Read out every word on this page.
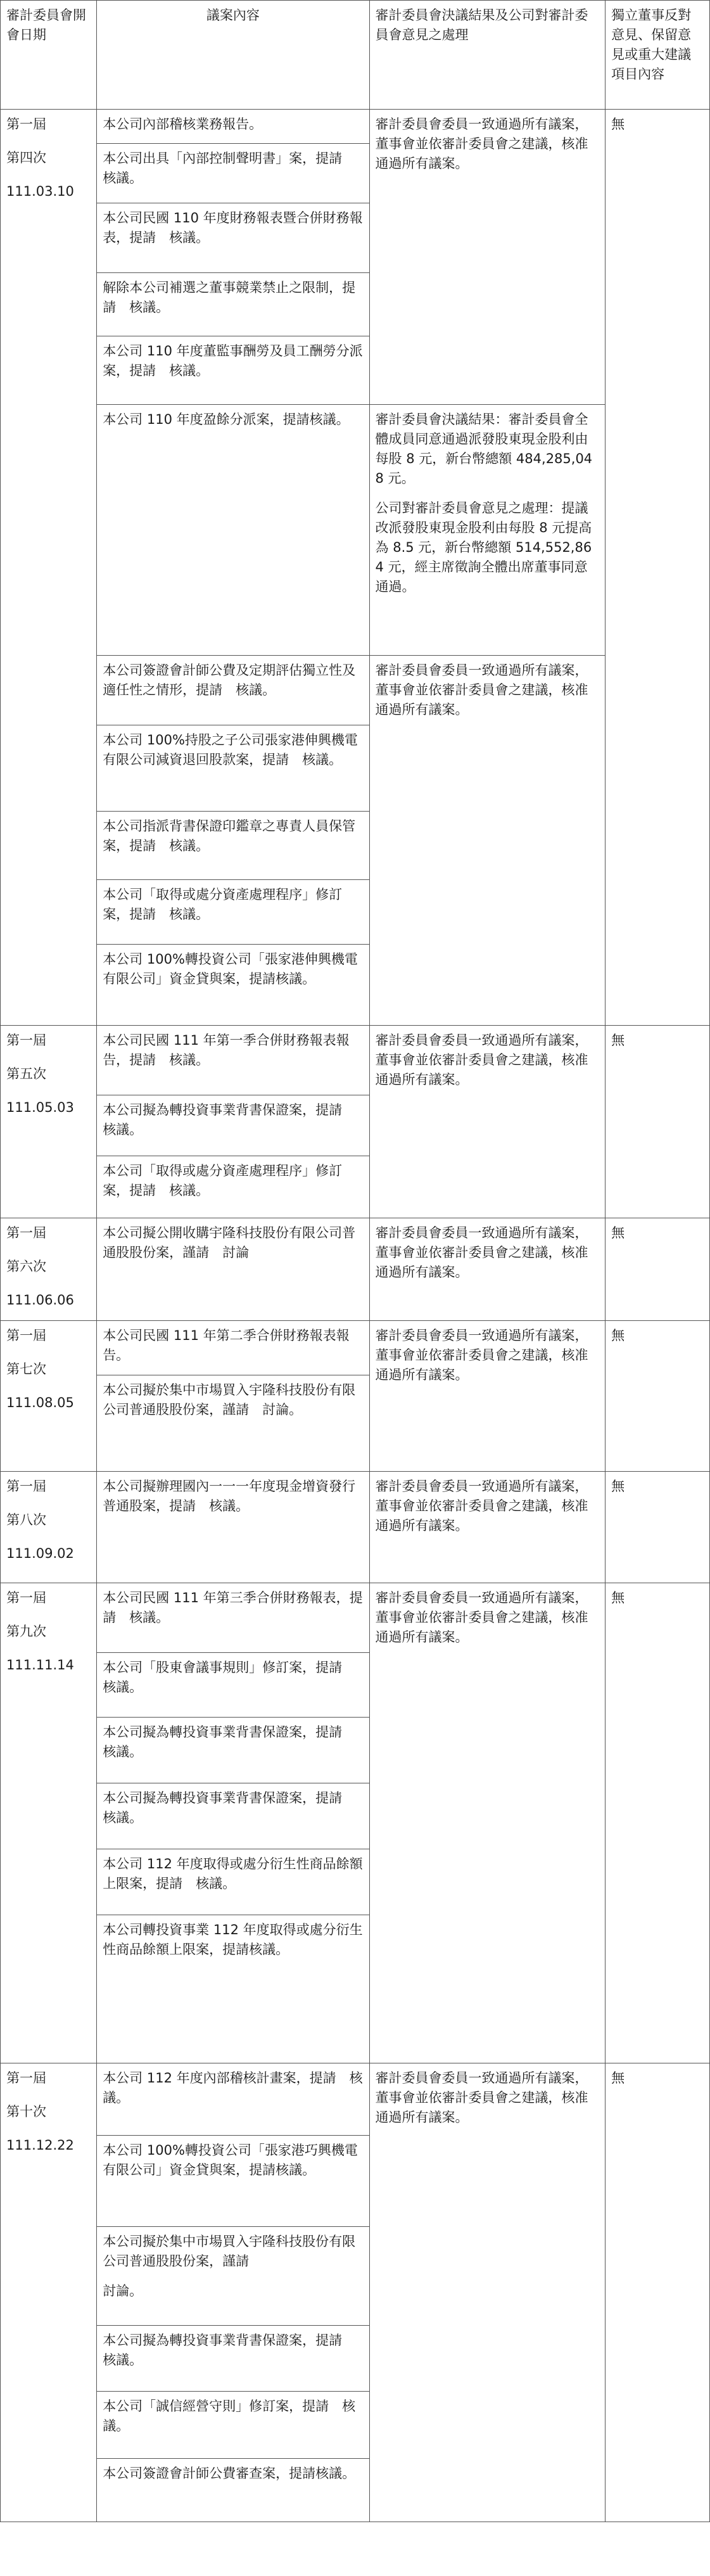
審計委員會開會日期	議案內容	審計委員會決議結果及公司對審計委員會意見之處理	獨立董事反對意見、保留意見或重大建議項目內容

第一屆
第四次
111.03.10	本公司內部稽核業務報告。	審計委員會委員一致通過所有議案，董事會並依審計委員會之建議，核准通過所有議案。	無
	本公司出具「內部控制聲明書」案，提請　核議。		
	本公司民國 110 年度財務報表暨合併財務報表，提請　核議。		
	解除本公司補選之董事競業禁止之限制，提請　核議。		
	本公司 110 年度董監事酬勞及員工酬勞分派案，提請　核議。		
	本公司 110 年度盈餘分派案，提請核議。	審計委員會決議結果：審計委員會全體成員同意通過派發股東現金股利由每股 8 元，新台幣總額 484,285,048 元。

公司對審計委員會意見之處理：提議改派發股東現金股利由每股 8 元提高為 8.5 元，新台幣總額 514,552,864 元，經主席徵詢全體出席董事同意通過。	

	本公司簽證會計師公費及定期評估獨立性及適任性之情形，提請　核議。	審計委員會委員一致通過所有議案，董事會並依審計委員會之建議，核准通過所有議案。	
	本公司 100%持股之子公司張家港伸興機電有限公司減資退回股款案，提請　核議。		
	本公司指派背書保證印鑑章之專責人員保管案，提請　核議。		
	本公司「取得或處分資產處理程序」修訂案，提請　核議。		
	本公司 100%轉投資公司「張家港伸興機電有限公司」資金貸與案，提請核議。		

第一屆
第五次
111.05.03	本公司民國 111 年第一季合併財務報表報告，提請　核議。	審計委員會委員一致通過所有議案，董事會並依審計委員會之建議，核准通過所有議案。	無
	本公司擬為轉投資事業背書保證案，提請　核議。		
	本公司「取得或處分資產處理程序」修訂案，提請　核議。		

第一屆
第六次
111.06.06	本公司擬公開收購宇隆科技股份有限公司普通股股份案，謹請　討論	審計委員會委員一致通過所有議案，董事會並依審計委員會之建議，核准通過所有議案。	無

第一屆
第七次
111.08.05	本公司民國 111 年第二季合併財務報表報告。	審計委員會委員一致通過所有議案，董事會並依審計委員會之建議，核准通過所有議案。	無
	本公司擬於集中市場買入宇隆科技股份有限公司普通股股份案，謹請　討論。		

第一屆
第八次
111.09.02	本公司擬辦理國內一一一年度現金增資發行普通股案，提請　核議。	審計委員會委員一致通過所有議案，董事會並依審計委員會之建議，核准通過所有議案。	無

第一屆
第九次
111.11.14	本公司民國 111 年第三季合併財務報表，提請　核議。	審計委員會委員一致通過所有議案，董事會並依審計委員會之建議，核准通過所有議案。	無
	本公司「股東會議事規則」修訂案，提請　核議。		
	本公司擬為轉投資事業背書保證案，提請　核議。		
	本公司擬為轉投資事業背書保證案，提請　核議。		
	本公司 112 年度取得或處分衍生性商品餘額上限案，提請　核議。		
	本公司轉投資事業 112 年度取得或處分衍生性商品餘額上限案，提請核議。		

第一屆
第十次
111.12.22	本公司 112 年度內部稽核計畫案，提請　核議。	審計委員會委員一致通過所有議案，董事會並依審計委員會之建議，核准通過所有議案。	無
	本公司 100%轉投資公司「張家港巧興機電有限公司」資金貸與案，提請核議。		

	本公司擬於集中市場買入宇隆科技股份有限公司普通股股份案，謹請

討論。		

	本公司擬為轉投資事業背書保證案，提請　核議。		
	本公司「誠信經營守則」修訂案，提請　核議。		
	本公司簽證會計師公費審查案，提請核議。		
